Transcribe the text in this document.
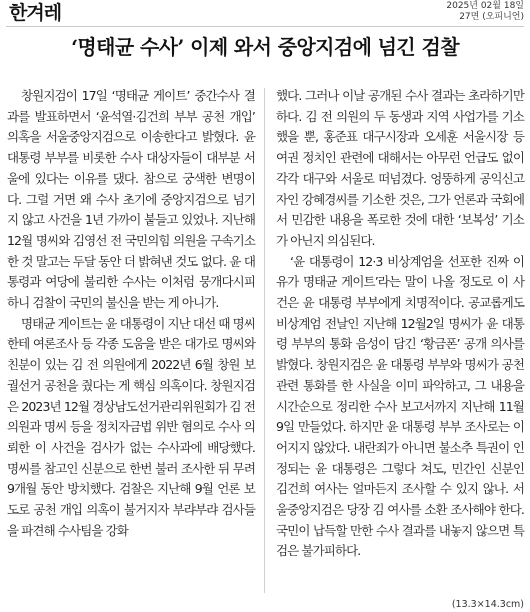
한겨레	2025년 02월 18일
27면 (오피니언)
‘명태균 수사’ 이제 와서 중앙지검에 넘긴 검찰

창원지검이 17일 ‘명태균 게이트’ 중간수사 결과를 발표하면서 ‘윤석열·김건희 부부 공천 개입’ 의혹을 서울중앙지검으로 이송한다고 밝혔다. 윤 대통령 부부를 비롯한 수사 대상자들이 대부분 서울에 있다는 이유를 댔다. 참으로 궁색한 변명이다. 그럴 거면 왜 수사 초기에 중앙지검으로 넘기지 않고 사건을 1년 가까이 붙들고 있었나. 지난해 12월 명씨와 김영선 전 국민의힘 의원을 구속기소한 것 말고는 두달 동안 더 밝혀낸 것도 없다. 윤 대통령과 여당에 불리한 수사는 이처럼 뭉개다시피 하니 검찰이 국민의 불신을 받는 게 아니가.

명태균 게이트는 윤 대통령이 지난 대선 때 명씨한테 여론조사 등 각종 도움을 받은 대가로 명씨와 친분이 있는 김 전 의원에게 2022년 6월 창원 보궐선거 공천을 줬다는 게 핵심 의혹이다. 창원지검은 2023년 12월 경상남도선거관리위원회가 김 전 의원과 명씨 등을 정치자금법 위반 혐의로 수사 의뢰한 이 사건을 검사가 없는 수사과에 배당했다. 명씨를 참고인 신분으로 한번 불러 조사한 뒤 무려 9개월 동안 방치했다. 검찰은 지난해 9월 언론 보도로 공천 개입 의혹이 불거지자 부랴부랴 검사들을 파견해 수사팀을 강화

했다. 그러나 이날 공개된 수사 결과는 초라하기만 하다. 김 전 의원의 두 동생과 지역 사업가를 기소했을 뿐, 홍준표 대구시장과 오세훈 서울시장 등 여권 정치인 관련에 대해서는 아무런 언급도 없이 각각 대구와 서울로 떠넘겼다. 엉뚱하게 공익신고자인 강혜경씨를 기소한 것은, 그가 언론과 국회에서 민감한 내용을 폭로한 것에 대한 ‘보복성’ 기소가 아닌지 의심된다.

‘윤 대통령이 12·3 비상계엄을 선포한 진짜 이유가 명태균 게이트’라는 말이 나올 정도로 이 사건은 윤 대통령 부부에게 치명적이다. 공교롭게도 비상계엄 전날인 지난해 12월2일 명씨가 윤 대통령 부부의 통화 음성이 담긴 ‘황금폰’ 공개 의사를 밝혔다. 창원지검은 윤 대통령 부부와 명씨가 공천 관련 통화를 한 사실을 이미 파악하고, 그 내용을 시간순으로 정리한 수사 보고서까지 지난해 11월9일 만들었다. 하지만 윤 대통령 부부 조사로는 이어지지 않았다. 내란죄가 아니면 불소추 특권이 인정되는 윤 대통령은 그렇다 쳐도, 민간인 신분인 김건희 여사는 얼마든지 조사할 수 있지 않나. 서울중앙지검은 당장 김 여사를 소환 조사해야 한다. 국민이 납득할 만한 수사 결과를 내놓지 않으면 특검은 불가피하다.

(13.3×14.3cm)
